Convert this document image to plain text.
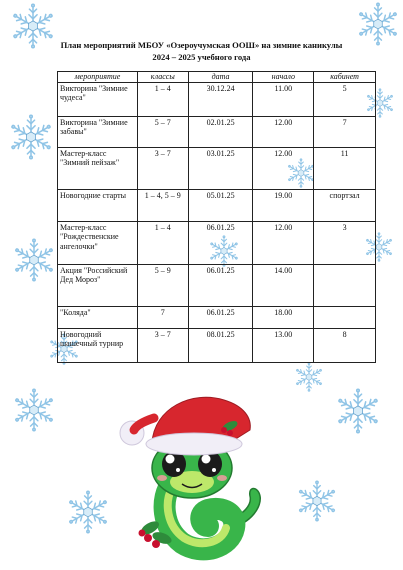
План мероприятий МБОУ «Озероучумская ООШ» на зимние каникулы
2024 – 2025 учебного года
мероприятие	классы	дата	начало	кабинет
Викторина "Зимние чудеса"	1 – 4	30.12.24	11.00	5
Викторина "Зимние забавы"	5 – 7	02.01.25	12.00	7
Мастер-класс "Зимний пейзаж"	3 – 7	03.01.25	12.00	11
Новогодние старты	1 – 4, 5 – 9	05.01.25	19.00	спортзал
Мастер-класс "Рождественские ангелочки"	1 – 4	06.01.25	12.00	3
Акция "Российский Дед Мороз"	5 – 9	06.01.25	14.00	
"Коляда"	7	06.01.25	18.00	
Новогодний шашечный турнир	3 – 7	08.01.25	13.00	8
